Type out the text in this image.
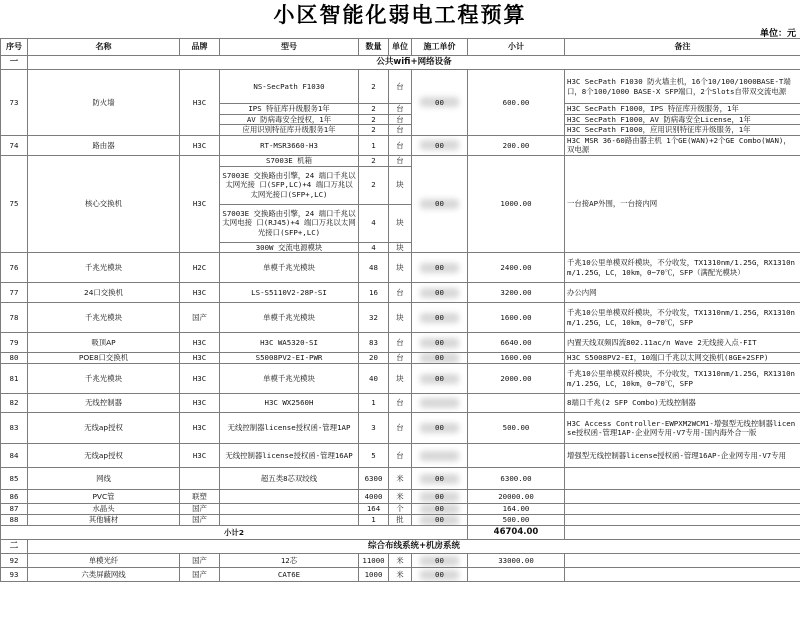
小区智能化弱电工程预算
单位：元
序号	名称	品牌	型号	数量	单位	施工单价	小计	备注
一	公共wifi+网络设备							
73	防火墙	H3C	NS-SecPath F1030	2	台	00	600.00	H3C SecPath F1030 防火墙主机，16个10/100/1000BASE-T端口，8个100/1000 BASE-X SFP端口，2个Slots自带双交流电源
			IPS 特征库升级服务1年	2	台			H3C SecPath F1000，IPS 特征库升级服务，1年
			AV 防病毒安全授权，1年	2	台			H3C SecPath F1000，AV 防病毒安全License，1年
			应用识别特征库升级服务1年	2	台			H3C SecPath F1000，应用识别特征库升级服务，1年
74	路由器	H3C	RT-MSR3660-H3	1	台	00	200.00	H3C MSR 36-60路由器主机 1个GE(WAN)+2个GE Combo(WAN)，双电源
75	核心交换机	H3C	S7003E 机箱	2	台	00	1000.00	一台接AP外围，一台接内网
			S7003E 交换路由引擎，24 端口千兆以太网光接 口(SFP,LC)+4 端口万兆以太网光接口(SFP+,LC)	2	块			
			S7003E 交换路由引擎，24 端口千兆以太网电接 口(RJ45)+4 端口万兆以太网光接口(SFP+,LC)	4	块			
			300W 交流电源模块	4	块			
76	千兆光模块	H2C	单模千兆光模块	48	块	00	2400.00	千兆10公里单模双纤模块，不分收发，TX1310nm/1.25G，RX1310nm/1.25G，LC，10km，0~70℃，SFP（满配光模块）
77	24口交换机	H3C	LS-S5110V2-28P-SI	16	台	00	3200.00	办公内网
78	千兆光模块	国产	单模千兆光模块	32	块	00	1600.00	千兆10公里单模双纤模块，不分收发，TX1310nm/1.25G，RX1310nm/1.25G，LC，10km，0~70℃，SFP
79	吸顶AP	H3C	H3C WA5320-SI	83	台	00	6640.00	内置天线双频四流802.11ac/n Wave 2无线接入点-FIT
80	POE8口交换机	H3C	S5008PV2-EI-PWR	20	台	00	1600.00	H3C S5008PV2-EI，10端口千兆以太网交换机(8GE+2SFP)
81	千兆光模块	H3C	单模千兆光模块	40	块	00	2000.00	千兆10公里单模双纤模块，不分收发，TX1310nm/1.25G，RX1310nm/1.25G，LC，10km，0~70℃，SFP
82	无线控制器	H3C	H3C WX2560H	1	台			8端口千兆(2 SFP Combo)无线控制器
83	无线ap授权	H3C	无线控制器license授权函-管理1AP	3	台	00	500.00	H3C Access Controller-EWPXM2WCM1-增强型无线控制器license授权函-管理1AP-企业网专用-V7专用-国内海外合一版
84	无线ap授权	H3C	无线控制器license授权函-管理16AP	5	台			增强型无线控制器license授权函-管理16AP-企业网专用-V7专用
85	网线		超五类8芯双绞线	6300	米	00	6300.00	
86	PVC管	联塑		4000	米	00	20000.00	
87	水晶头	国产		164	个	00	164.00	
88	其他辅材	国产		1	批	00	500.00	
小计2							46704.00	
二	综合布线系统+机房系统							
92	单模光纤	国产	12芯	11000	米	00	33000.00	
93	六类屏蔽网线	国产	CAT6E	1000	米	00		
